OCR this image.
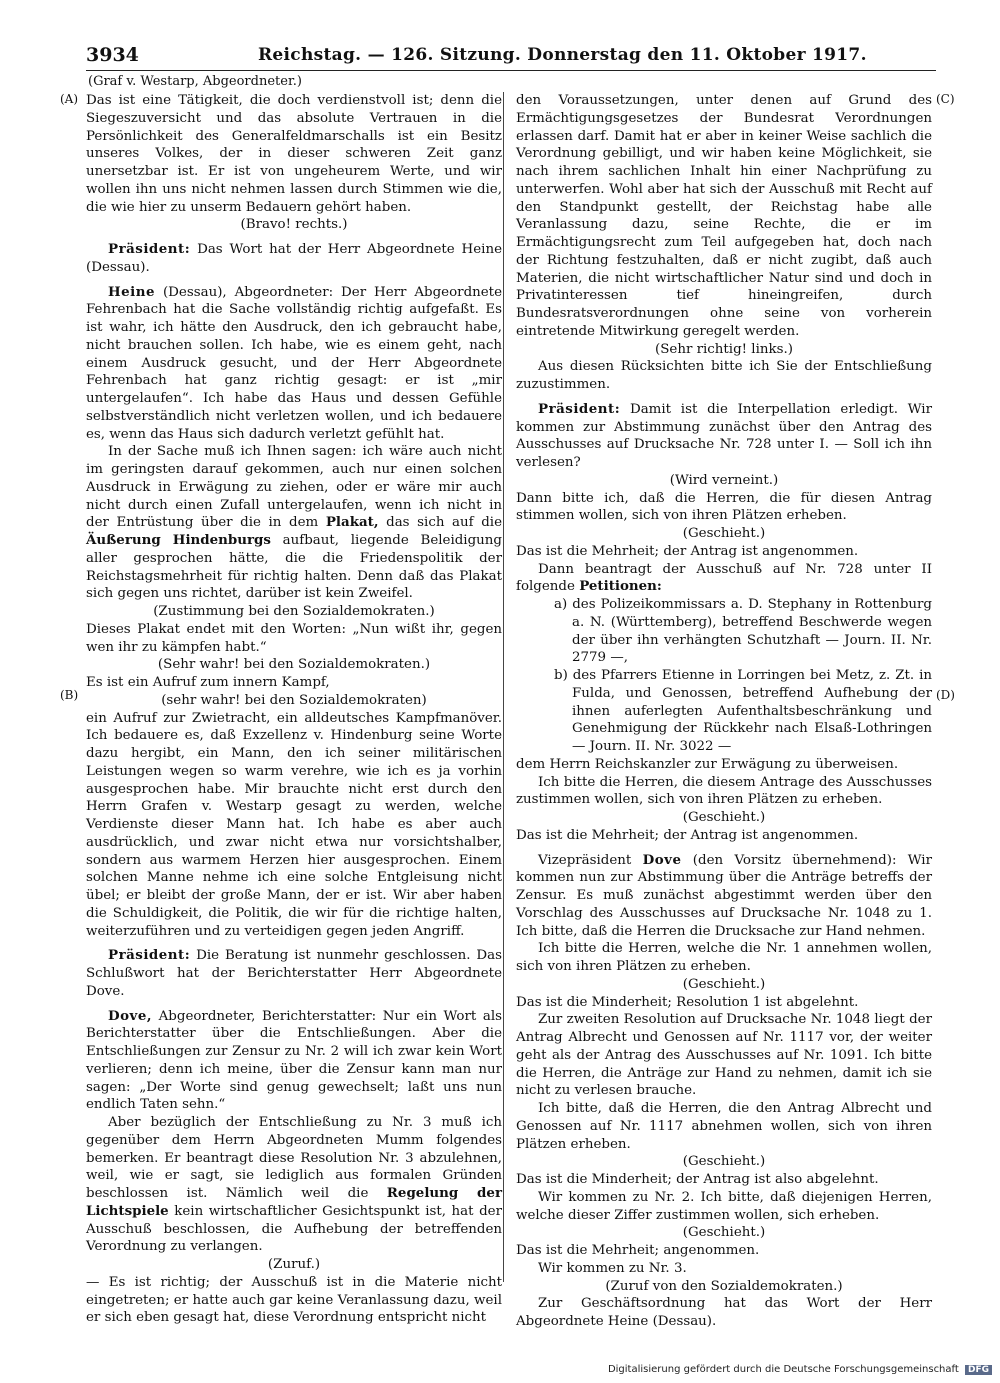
3934	Reichstag. — 126. Sitzung. Donnerstag den 11. Oktober 1917.
(Graf v. Westarp, Abgeordneter.)
(A)
(B)
(C)
(D)

Das ist eine Tätigkeit, die doch verdienstvoll ist; denn die Siegeszuversicht und das absolute Vertrauen in die Persönlichkeit des Generalfeldmarschalls ist ein Besitz unseres Volkes, der in dieser schweren Zeit ganz unersetzbar ist. Er ist von ungeheurem Werte, und wir wollen ihn uns nicht nehmen lassen durch Stimmen wie die, die wie hier zu unserm Bedauern gehört haben.

(Bravo! rechts.)

Präsident: Das Wort hat der Herr Abgeordnete Heine (Dessau).

Heine (Dessau), Abgeordneter: Der Herr Abgeordnete Fehrenbach hat die Sache vollständig richtig aufgefaßt. Es ist wahr, ich hätte den Ausdruck, den ich gebraucht habe, nicht brauchen sollen. Ich habe, wie es einem geht, nach einem Ausdruck gesucht, und der Herr Abgeordnete Fehrenbach hat ganz richtig gesagt: er ist „mir untergelaufen“. Ich habe das Haus und dessen Gefühle selbstverständlich nicht verletzen wollen, und ich bedauere es, wenn das Haus sich dadurch verletzt gefühlt hat.

In der Sache muß ich Ihnen sagen: ich wäre auch nicht im geringsten darauf gekommen, auch nur einen solchen Ausdruck in Erwägung zu ziehen, oder er wäre mir auch nicht durch einen Zufall untergelaufen, wenn ich nicht in der Entrüstung über die in dem Plakat, das sich auf die Äußerung Hindenburgs aufbaut, liegende Beleidigung aller gesprochen hätte, die die Friedenspolitik der Reichstagsmehrheit für richtig halten. Denn daß das Plakat sich gegen uns richtet, darüber ist kein Zweifel.

(Zustimmung bei den Sozialdemokraten.)

Dieses Plakat endet mit den Worten: „Nun wißt ihr, gegen wen ihr zu kämpfen habt.“

(Sehr wahr! bei den Sozialdemokraten.)

Es ist ein Aufruf zum innern Kampf,

(sehr wahr! bei den Sozialdemokraten)

ein Aufruf zur Zwietracht, ein alldeutsches Kampfmanöver. Ich bedauere es, daß Exzellenz v. Hindenburg seine Worte dazu hergibt, ein Mann, den ich seiner militärischen Leistungen wegen so warm verehre, wie ich es ja vorhin ausgesprochen habe. Mir brauchte nicht erst durch den Herrn Grafen v. Westarp gesagt zu werden, welche Verdienste dieser Mann hat. Ich habe es aber auch ausdrücklich, und zwar nicht etwa nur vorsichtshalber, sondern aus warmem Herzen hier ausgesprochen. Einem solchen Manne nehme ich eine solche Entgleisung nicht übel; er bleibt der große Mann, der er ist. Wir aber haben die Schuldigkeit, die Politik, die wir für die richtige halten, weiterzuführen und zu verteidigen gegen jeden Angriff.

Präsident: Die Beratung ist nunmehr geschlossen. Das Schlußwort hat der Berichterstatter Herr Abgeordnete Dove.

Dove, Abgeordneter, Berichterstatter: Nur ein Wort als Berichterstatter über die Entschließungen. Aber die Entschließungen zur Zensur zu Nr. 2 will ich zwar kein Wort verlieren; denn ich meine, über die Zensur kann man nur sagen: „Der Worte sind genug gewechselt; laßt uns nun endlich Taten sehn.“

Aber bezüglich der Entschließung zu Nr. 3 muß ich gegenüber dem Herrn Abgeordneten Mumm folgendes bemerken. Er beantragt diese Resolution Nr. 3 abzulehnen, weil, wie er sagt, sie lediglich aus formalen Gründen beschlossen ist. Nämlich weil die Regelung der Lichtspiele kein wirtschaftlicher Gesichtspunkt ist, hat der Ausschuß beschlossen, die Aufhebung der betreffenden Verordnung zu verlangen.

(Zuruf.)

— Es ist richtig; der Ausschuß ist in die Materie nicht eingetreten; er hatte auch gar keine Veranlassung dazu, weil er sich eben gesagt hat, diese Verordnung entspricht nicht

den Voraussetzungen, unter denen auf Grund des Ermächtigungsgesetzes der Bundesrat Verordnungen erlassen darf. Damit hat er aber in keiner Weise sachlich die Verordnung gebilligt, und wir haben keine Möglichkeit, sie nach ihrem sachlichen Inhalt hin einer Nachprüfung zu unterwerfen. Wohl aber hat sich der Ausschuß mit Recht auf den Standpunkt gestellt, der Reichstag habe alle Veranlassung dazu, seine Rechte, die er im Ermächtigungsrecht zum Teil aufgegeben hat, doch nach der Richtung festzuhalten, daß er nicht zugibt, daß auch Materien, die nicht wirtschaftlicher Natur sind und doch in Privatinteressen tief hineingreifen, durch Bundesratsverordnungen ohne seine von vorherein eintretende Mitwirkung geregelt werden.

(Sehr richtig! links.)

Aus diesen Rücksichten bitte ich Sie der Entschließung zuzustimmen.

Präsident: Damit ist die Interpellation erledigt. Wir kommen zur Abstimmung zunächst über den Antrag des Ausschusses auf Drucksache Nr. 728 unter I. — Soll ich ihn verlesen?

(Wird verneint.)

Dann bitte ich, daß die Herren, die für diesen Antrag stimmen wollen, sich von ihren Plätzen erheben.

(Geschieht.)

Das ist die Mehrheit; der Antrag ist angenommen.

Dann beantragt der Ausschuß auf Nr. 728 unter II folgende Petitionen:

a) des Polizeikommissars a. D. Stephany in Rottenburg a. N. (Württemberg), betreffend Beschwerde wegen der über ihn verhängten Schutzhaft — Journ. II. Nr. 2779 —,

b) des Pfarrers Etienne in Lorringen bei Metz, z. Zt. in Fulda, und Genossen, betreffend Aufhebung der ihnen auferlegten Aufenthaltsbeschränkung und Genehmigung der Rückkehr nach Elsaß-Lothringen — Journ. II. Nr. 3022 —

dem Herrn Reichskanzler zur Erwägung zu überweisen.

Ich bitte die Herren, die diesem Antrage des Ausschusses zustimmen wollen, sich von ihren Plätzen zu erheben.

(Geschieht.)

Das ist die Mehrheit; der Antrag ist angenommen.

Vizepräsident Dove (den Vorsitz übernehmend): Wir kommen nun zur Abstimmung über die Anträge betreffs der Zensur. Es muß zunächst abgestimmt werden über den Vorschlag des Ausschusses auf Drucksache Nr. 1048 zu 1. Ich bitte, daß die Herren die Drucksache zur Hand nehmen.

Ich bitte die Herren, welche die Nr. 1 annehmen wollen, sich von ihren Plätzen zu erheben.

(Geschieht.)

Das ist die Minderheit; Resolution 1 ist abgelehnt.

Zur zweiten Resolution auf Drucksache Nr. 1048 liegt der Antrag Albrecht und Genossen auf Nr. 1117 vor, der weiter geht als der Antrag des Ausschusses auf Nr. 1091. Ich bitte die Herren, die Anträge zur Hand zu nehmen, damit ich sie nicht zu verlesen brauche.

Ich bitte, daß die Herren, die den Antrag Albrecht und Genossen auf Nr. 1117 abnehmen wollen, sich von ihren Plätzen erheben.

(Geschieht.)

Das ist die Minderheit; der Antrag ist also abgelehnt.

Wir kommen zu Nr. 2. Ich bitte, daß diejenigen Herren, welche dieser Ziffer zustimmen wollen, sich erheben.

(Geschieht.)

Das ist die Mehrheit; angenommen.

Wir kommen zu Nr. 3.

(Zuruf von den Sozialdemokraten.)

Zur Geschäftsordnung hat das Wort der Herr Abgeordnete Heine (Dessau).

Digitalisierung gefördert durch die Deutsche Forschungsgemeinschaft DFG
